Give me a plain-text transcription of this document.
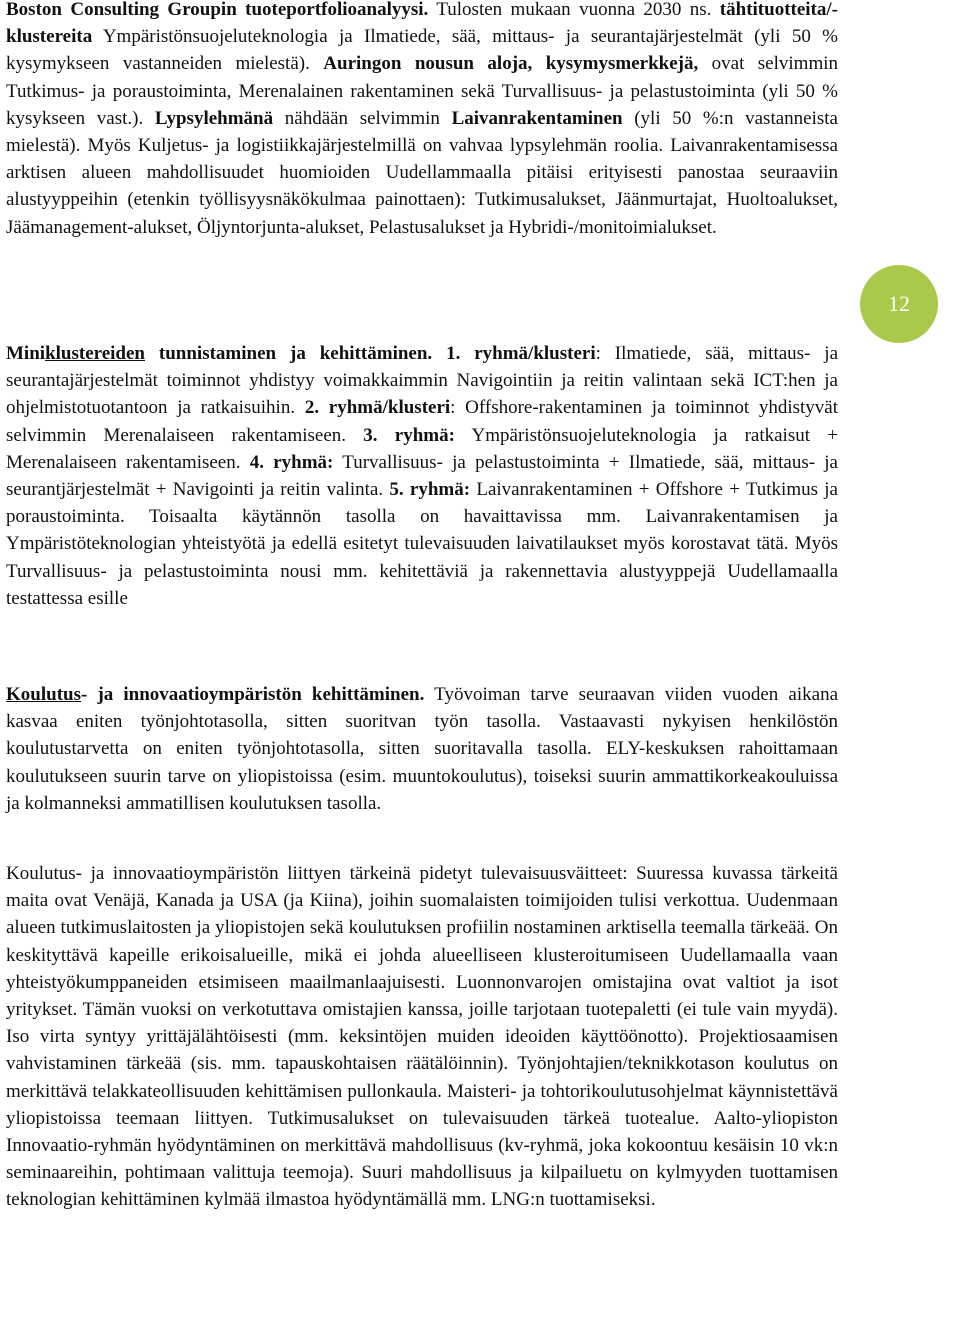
Boston Consulting Groupin tuoteportfolioanalyysi. Tulosten mukaan vuonna 2030 ns. tähtituotteita/-klustereita Ympäristönsuojeluteknologia ja Ilmatiede, sää, mittaus- ja seurantajärjestelmät (yli 50 % kysymykseen vastanneiden mielestä). Auringon nousun aloja, kysymysmerkkejä, ovat selvimmin Tutkimus- ja poraustoiminta, Merenalainen rakentaminen sekä Turvallisuus- ja pelastustoiminta (yli 50 % kysykseen vast.). Lypsylehmänä nähdään selvimmin Laivanrakentaminen (yli 50 %:n vastanneista mielestä). Myös Kuljetus- ja logistiikkajärjestelmillä on vahvaa lypsylehmän roolia. Laivanrakentamisessa arktisen alueen mahdollisuudet huomioiden Uudellammaalla pitäisi erityisesti panostaa seuraaviin alustyyppeihin (etenkin työllisyysnäkökulmaa painottaen): Tutkimusalukset, Jäänmurtajat, Huoltoalukset, Jäämanagement-alukset, Öljyntorjunta-alukset, Pelastusalukset ja Hybridi-/monitoimialukset.

Miniklustereiden tunnistaminen ja kehittäminen. 1. ryhmä/klusteri: Ilmatiede, sää, mittaus- ja seurantajärjestelmät toiminnot yhdistyy voimakkaimmin Navigointiin ja reitin valintaan sekä ICT:hen ja ohjelmistotuotantoon ja ratkaisuihin. 2. ryhmä/klusteri: Offshore-rakentaminen ja toiminnot yhdistyvät selvimmin Merenalaiseen rakentamiseen. 3. ryhmä: Ympäristönsuojeluteknologia ja ratkaisut + Merenalaiseen rakentamiseen. 4. ryhmä: Turvallisuus- ja pelastustoiminta + Ilmatiede, sää, mittaus- ja seurantjärjestelmät + Navigointi ja reitin valinta. 5. ryhmä: Laivanrakentaminen + Offshore + Tutkimus ja poraustoiminta. Toisaalta käytännön tasolla on havaittavissa mm. Laivanrakentamisen ja Ympäristöteknologian yhteistyötä ja edellä esitetyt tulevaisuuden laivatilaukset myös korostavat tätä. Myös Turvallisuus- ja pelastustoiminta nousi mm. kehitettäviä ja rakennettavia alustyyppejä Uudellamaalla testattessa esille

Koulutus- ja innovaatioympäristön kehittäminen. Työvoiman tarve seuraavan viiden vuoden aikana kasvaa eniten työnjohtotasolla, sitten suoritvan työn tasolla. Vastaavasti nykyisen henkilöstön koulutustarvetta on eniten työnjohtotasolla, sitten suoritavalla tasolla. ELY-keskuksen rahoittamaan koulutukseen suurin tarve on yliopistoissa (esim. muuntokoulutus), toiseksi suurin ammattikorkeakouluissa ja kolmanneksi ammatillisen koulutuksen tasolla.

Koulutus- ja innovaatioympäristön liittyen tärkeinä pidetyt tulevaisuusväitteet: Suuressa kuvassa tärkeitä maita ovat Venäjä, Kanada ja USA (ja Kiina), joihin suomalaisten toimijoiden tulisi verkottua. Uudenmaan alueen tutkimuslaitosten ja yliopistojen sekä koulutuksen profiilin nostaminen arktisella teemalla tärkeää. On keskityttävä kapeille erikoisalueille, mikä ei johda alueelliseen klusteroitumiseen Uudellamaalla vaan yhteistyökumppaneiden etsimiseen maailmanlaajuisesti. Luonnonvarojen omistajina ovat valtiot ja isot yritykset. Tämän vuoksi on verkotuttava omistajien kanssa, joille tarjotaan tuotepaletti (ei tule vain myydä). Iso virta syntyy yrittäjälähtöisesti (mm. keksintöjen muiden ideoiden käyttöönotto). Projektiosaamisen vahvistaminen tärkeää (sis. mm. tapauskohtaisen räätälöinnin). Työnjohtajien/teknikkotason koulutus on merkittävä telakkateollisuuden kehittämisen pullonkaula. Maisteri- ja tohtorikoulutusohjelmat käynnistettävä yliopistoissa teemaan liittyen. Tutkimusalukset on tulevaisuuden tärkeä tuotealue. Aalto-yliopiston Innovaatio-ryhmän hyödyntäminen on merkittävä mahdollisuus (kv-ryhmä, joka kokoontuu kesäisin 10 vk:n seminaareihin, pohtimaan valittuja teemoja). Suuri mahdollisuus ja kilpailuetu on kylmyyden tuottamisen teknologian kehittäminen kylmää ilmastoa hyödyntämällä mm. LNG:n tuottamiseksi.

12
